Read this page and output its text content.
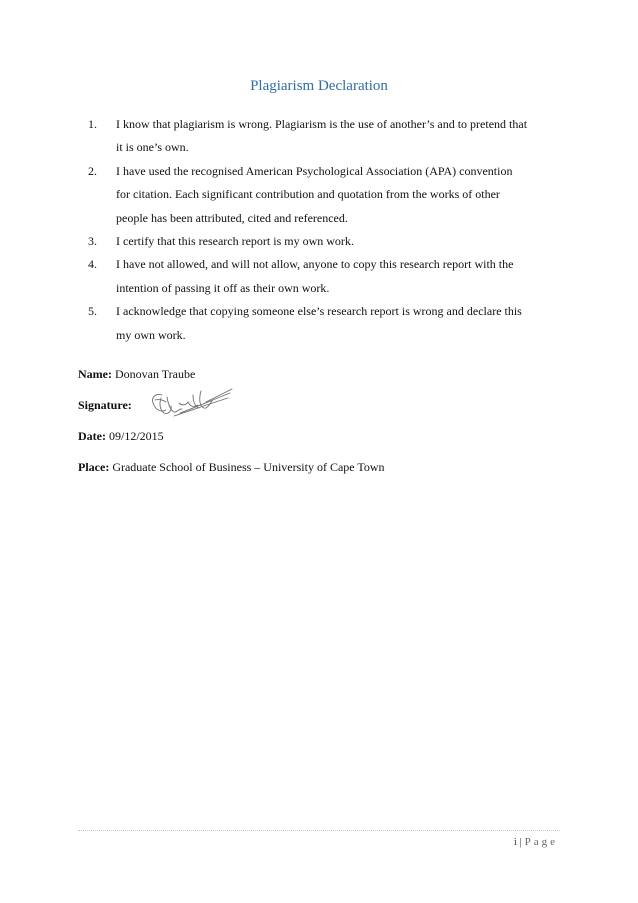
Plagiarism Declaration
1.	I know that plagiarism is wrong. Plagiarism is the use of another’s and to pretend that
it is one’s own.
2.	I have used the recognised American Psychological Association (APA) convention
for citation. Each significant contribution and quotation from the works of other
people has been attributed, cited and referenced.
3.	I certify that this research report is my own work.
4.	I have not allowed, and will not allow, anyone to copy this research report with the
intention of passing it off as their own work.
5.	I acknowledge that copying someone else’s research report is wrong and declare this
my own work.
Name: Donovan Traube
Signature:
Date: 09/12/2015
Place: Graduate School of Business – University of Cape Town
i | Page
